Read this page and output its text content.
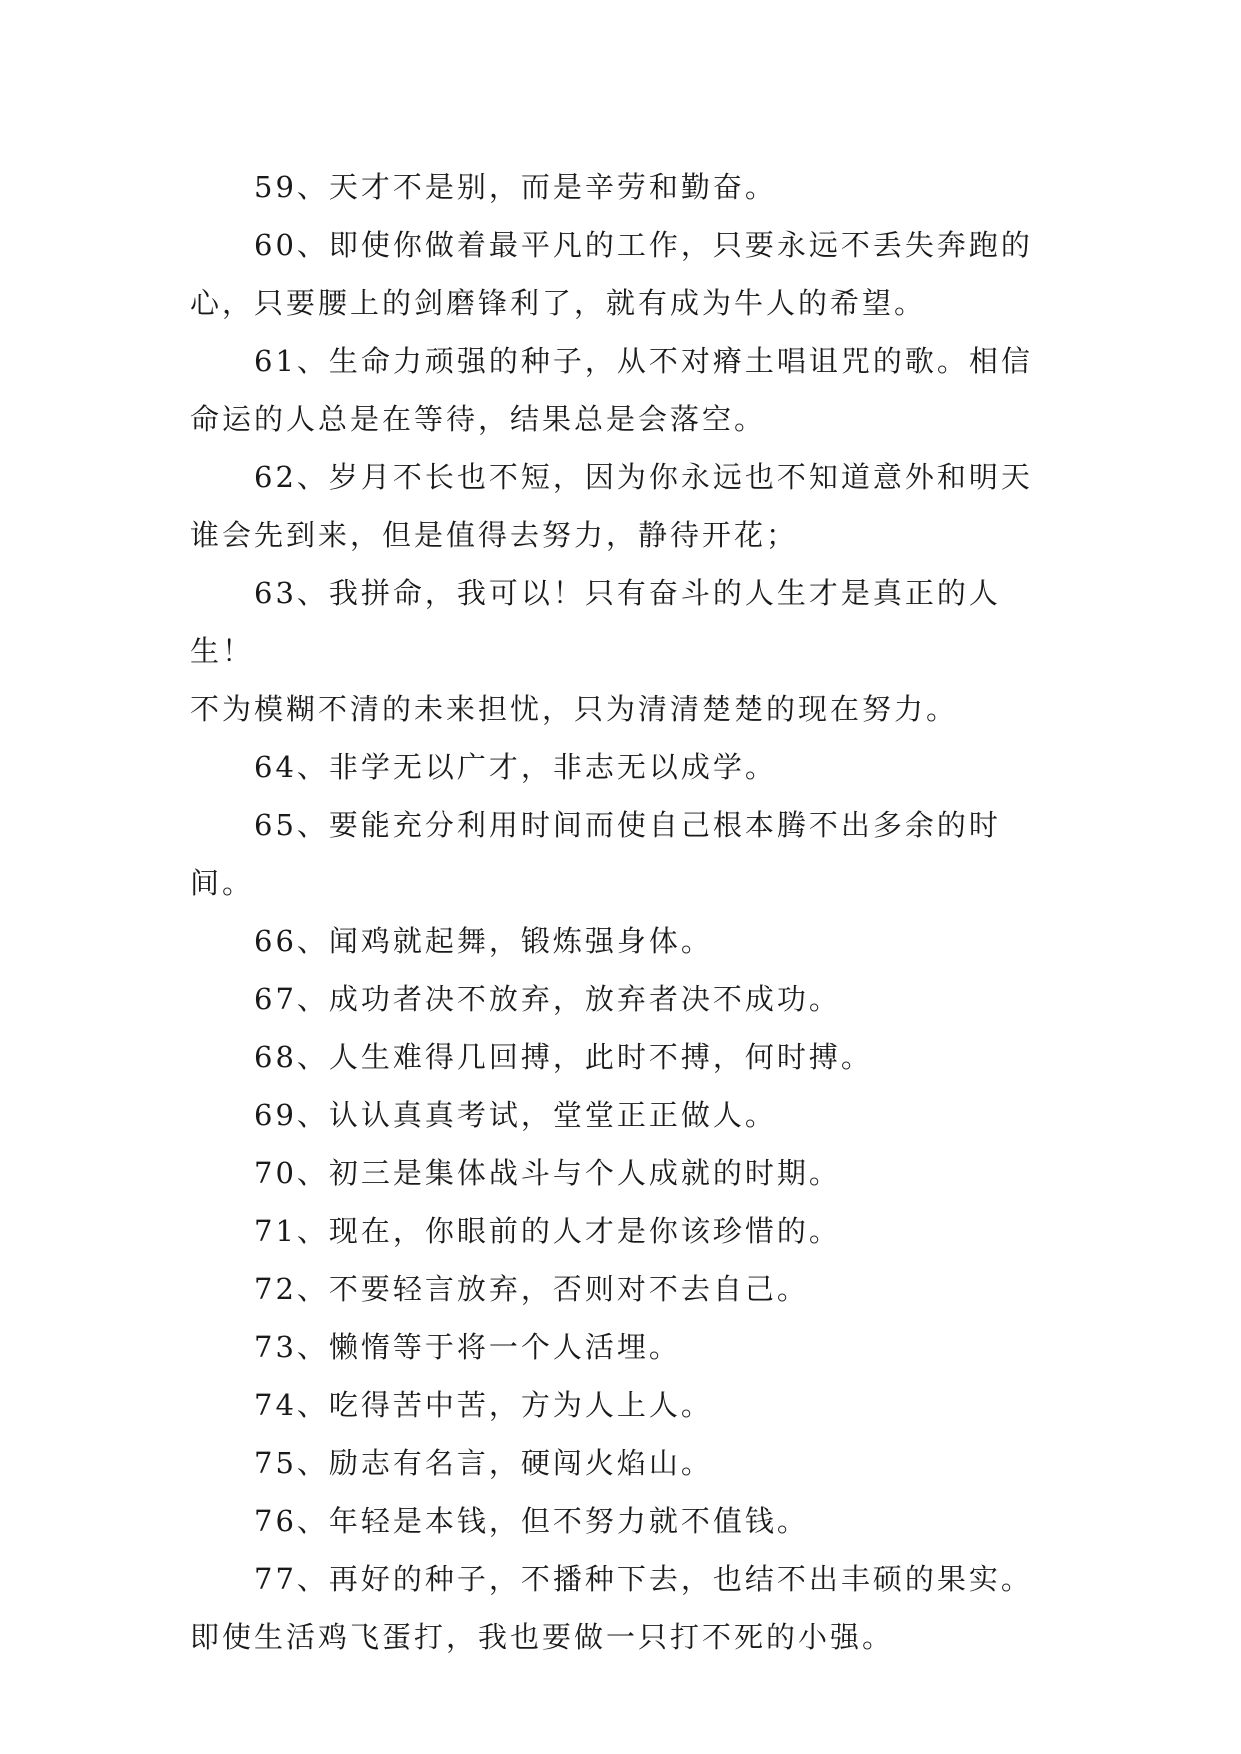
59、天才不是别，而是辛劳和勤奋。

60、即使你做着最平凡的工作，只要永远不丢失奔跑的
心，只要腰上的剑磨锋利了，就有成为牛人的希望。

61、生命力顽强的种子，从不对瘠土唱诅咒的歌。相信
命运的人总是在等待，结果总是会落空。

62、岁月不长也不短，因为你永远也不知道意外和明天
谁会先到来，但是值得去努力，静待开花；

63、我拼命，我可以！只有奋斗的人生才是真正的人生！
不为模糊不清的未来担忧，只为清清楚楚的现在努力。

64、非学无以广才，非志无以成学。

65、要能充分利用时间而使自己根本腾不出多余的时间。

66、闻鸡就起舞，锻炼强身体。

67、成功者决不放弃，放弃者决不成功。

68、人生难得几回搏，此时不搏，何时搏。

69、认认真真考试，堂堂正正做人。

70、初三是集体战斗与个人成就的时期。

71、现在，你眼前的人才是你该珍惜的。

72、不要轻言放弃，否则对不去自己。

73、懒惰等于将一个人活埋。

74、吃得苦中苦，方为人上人。

75、励志有名言，硬闯火焰山。

76、年轻是本钱，但不努力就不值钱。

77、再好的种子，不播种下去，也结不出丰硕的果实。
即使生活鸡飞蛋打，我也要做一只打不死的小强。
